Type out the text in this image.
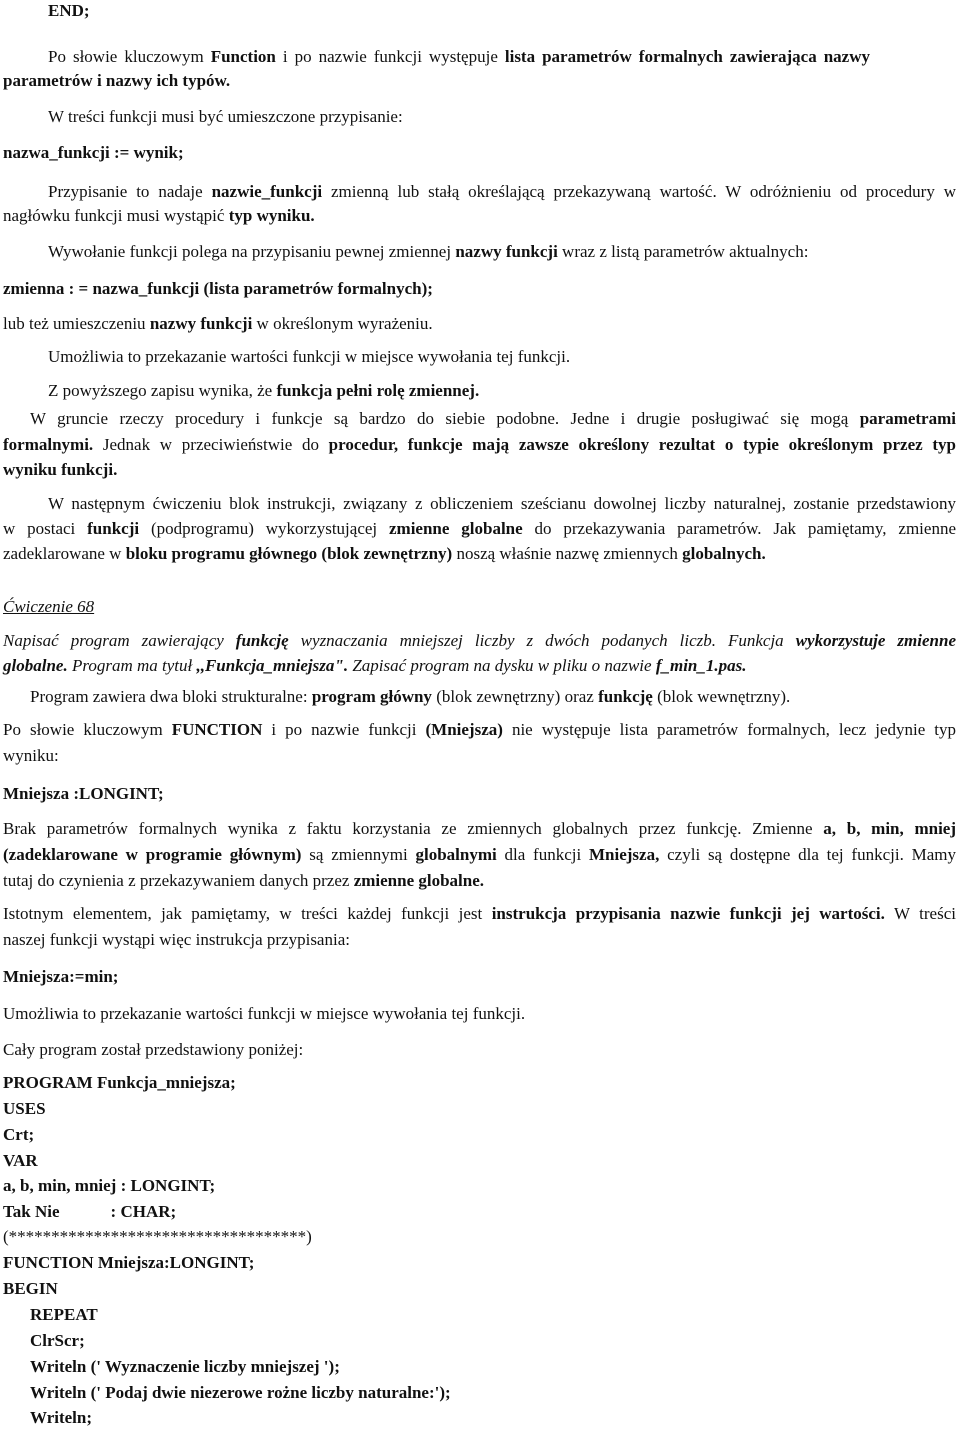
END;
Po słowie kluczowym Function i po nazwie funkcji występuje lista parametrów formalnych zawierająca nazwy
parametrów i nazwy ich typów.
W treści funkcji musi być umieszczone przypisanie:
nazwa_funkcji := wynik;
Przypisanie to nadaje nazwie_funkcji zmienną lub stałą określającą przekazywaną wartość. W odróżnieniu od procedury w
nagłówku funkcji musi wystąpić typ wyniku.
Wywołanie funkcji polega na przypisaniu pewnej zmiennej nazwy funkcji wraz z listą parametrów aktualnych:
zmienna : = nazwa_funkcji (lista parametrów formalnych);
lub też umieszczeniu nazwy funkcji w określonym wyrażeniu.
Umożliwia to przekazanie wartości funkcji w miejsce wywołania tej funkcji.
Z powyższego zapisu wynika, że funkcja pełni rolę zmiennej.
W gruncie rzeczy procedury i funkcje są bardzo do siebie podobne. Jedne i drugie posługiwać się mogą parametrami
formalnymi. Jednak w przeciwieństwie do procedur, funkcje mają zawsze określony rezultat o typie określonym przez typ
wyniku funkcji.
W następnym ćwiczeniu blok instrukcji, związany z obliczeniem sześcianu dowolnej liczby naturalnej, zostanie przedstawiony
w postaci funkcji (podprogramu) wykorzystującej zmienne globalne do przekazywania parametrów. Jak pamiętamy, zmienne
zadeklarowane w bloku programu głównego (blok zewnętrzny) noszą właśnie nazwę zmiennych globalnych.
Ćwiczenie 68
Napisać program zawierający funkcję wyznaczania mniejszej liczby z dwóch podanych liczb. Funkcja wykorzystuje zmienne
globalne. Program ma tytuł ,,Funkcja_mniejsza". Zapisać program na dysku w pliku o nazwie f_min_1.pas.
Program zawiera dwa bloki strukturalne: program główny (blok zewnętrzny) oraz funkcję (blok wewnętrzny).
Po słowie kluczowym FUNCTION i po nazwie funkcji (Mniejsza) nie występuje lista parametrów formalnych, lecz jedynie typ
wyniku:
Mniejsza :LONGINT;
Brak parametrów formalnych wynika z faktu korzystania ze zmiennych globalnych przez funkcję. Zmienne a, b, min, mniej
(zadeklarowane w programie głównym) są zmiennymi globalnymi dla funkcji Mniejsza, czyli są dostępne dla tej funkcji. Mamy
tutaj do czynienia z przekazywaniem danych przez zmienne globalne.
Istotnym elementem, jak pamiętamy, w treści każdej funkcji jest instrukcja przypisania nazwie funkcji jej wartości. W treści
naszej funkcji wystąpi więc instrukcja przypisania:
Mniejsza:=min;
Umożliwia to przekazanie wartości funkcji w miejsce wywołania tej funkcji.
Cały program został przedstawiony poniżej:
PROGRAM Funkcja_mniejsza;
USES
Crt;
VAR
a, b, min, mniej : LONGINT;
Tak Nie            : CHAR;
(***********************************)
FUNCTION Mniejsza:LONGINT;
BEGIN
REPEAT
ClrScr;
Writeln (' Wyznaczenie liczby mniejszej ');
Writeln (' Podaj dwie niezerowe rożne liczby naturalne:');
Writeln;
